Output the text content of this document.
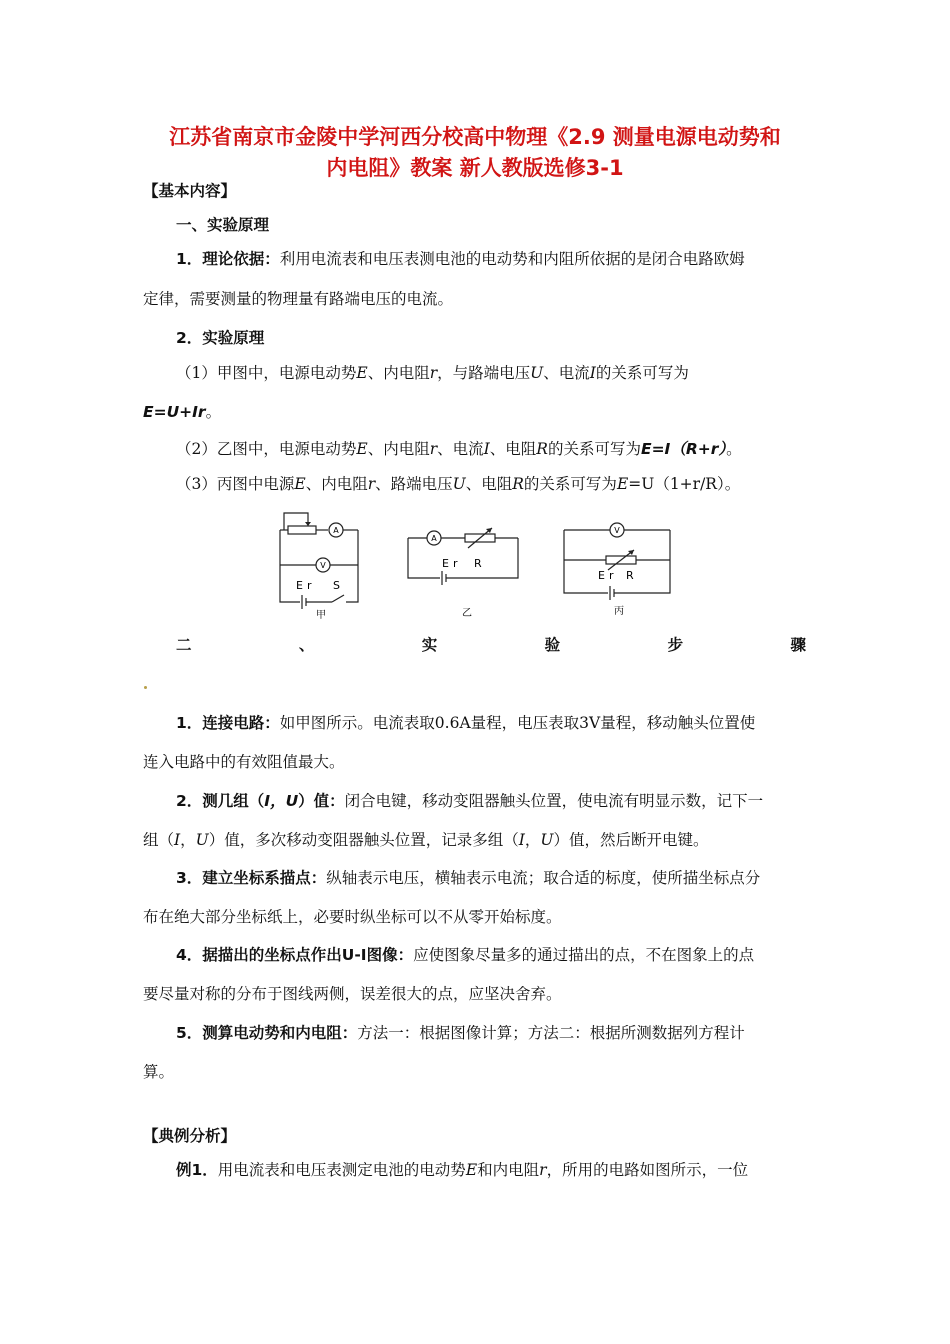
江苏省南京市金陵中学河西分校高中物理《2.9 测量电源电动势和
内电阻》教案 新人教版选修3-1
【基本内容】
一、实验原理
1．理论依据：利用电流表和电压表测电池的电动势和内阻所依据的是闭合电路欧姆
定律，需要测量的物理量有路端电压的电流。
2．实验原理
（1）甲图中，电源电动势E、内电阻r，与路端电压U、电流I的关系可写为
E=U+Ir。
（2）乙图中，电源电动势E、内电阻r、电流I、电阻R的关系可写为E=I（R+r）。
（3）丙图中电源E、内电阻r、路端电压U、电阻R的关系可写为E=U（1+r/R）。
A
V
Er S
甲
A
Er R
乙
V
Er R
丙
二	、	实	验	步	骤
1．连接电路：如甲图所示。电流表取0.6A量程，电压表取3V量程，移动触头位置使
连入电路中的有效阻值最大。
2．测几组（I，U）值：闭合电键，移动变阻器触头位置，使电流有明显示数，记下一
组（I，U）值，多次移动变阻器触头位置，记录多组（I，U）值，然后断开电键。
3．建立坐标系描点：纵轴表示电压，横轴表示电流；取合适的标度，使所描坐标点分
布在绝大部分坐标纸上，必要时纵坐标可以不从零开始标度。
4．据描出的坐标点作出U-I图像：应使图象尽量多的通过描出的点，不在图象上的点
要尽量对称的分布于图线两侧，误差很大的点，应坚决舍弃。
5．测算电动势和内电阻：方法一：根据图像计算；方法二：根据所测数据列方程计
算。
【典例分析】
例1．用电流表和电压表测定电池的电动势E和内电阻r，所用的电路如图所示，一位
